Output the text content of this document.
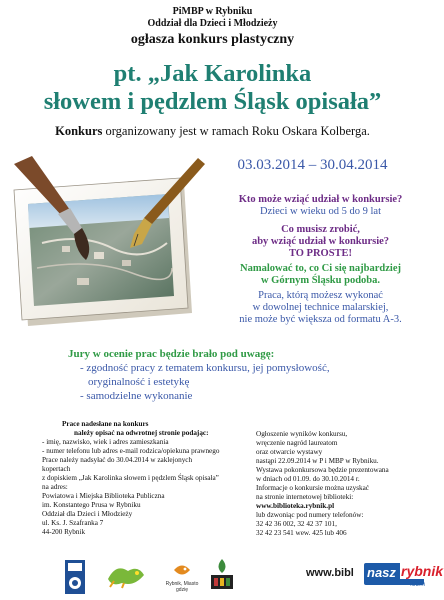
PiMBP w Rybniku
Oddział dla Dzieci i Młodzieży
ogłasza konkurs plastyczny
pt. „Jak Karolinka
słowem i pędzlem Śląsk opisała”
Konkurs organizowany jest w ramach Roku Oskara Kolberga.
03.03.2014 – 30.04.2014
Kto może wziąć udział w konkursie?
Dzieci w wieku od 5 do 9 lat
Co musisz zrobić,
aby wziąć udział w konkursie?
TO PROSTE!
Namalować to, co Ci się najbardziej
w Górnym Śląsku podoba.
Praca, którą możesz wykonać
w dowolnej technice malarskiej,
nie może być większa od formatu A-3.
Jury w ocenie prac będzie brało pod uwagę:
- zgodność pracy z tematem konkursu, jej pomysłowość,
oryginalność i estetykę
- samodzielne wykonanie
Prace nadesłane na konkurs
należy opisać na odwrotnej stronie podając:
- imię, nazwisko, wiek i adres zamieszkania
- numer telefonu lub adres e-mail rodzica/opiekuna prawnego
Prace należy nadsyłać do 30.04.2014 w zaklejonych kopertach
z dopiskiem „Jak Karolinka słowem i pędzlem Śląsk opisała”
na adres:
Powiatowa i Miejska Biblioteka Publiczna
im. Konstantego Prusa w Rybniku
Oddział dla Dzieci i Młodzieży
ul. Ks. J. Szafranka 7
44-200 Rybnik
Ogłoszenie wyników konkursu,
wręczenie nagród laureatom
oraz otwarcie wystawy
nastąpi 22.09.2014 w P i MBP w Rybniku.
Wystawa pokonkursowa będzie prezentowana
w dniach od 01.09. do 30.10.2014 r.
Informacje o konkursie można uzyskać
na stronie internetowej biblioteki:
www.biblioteka.rybnik.pl
lub dzwoniąc pod numery telefonów:
32 42 36 002, 32 42 37 101,
32 42 23 541 wew. 425 lub 406
Rybnik, Miasto gdzię
nasz
www.bibl	rybnik
.com
